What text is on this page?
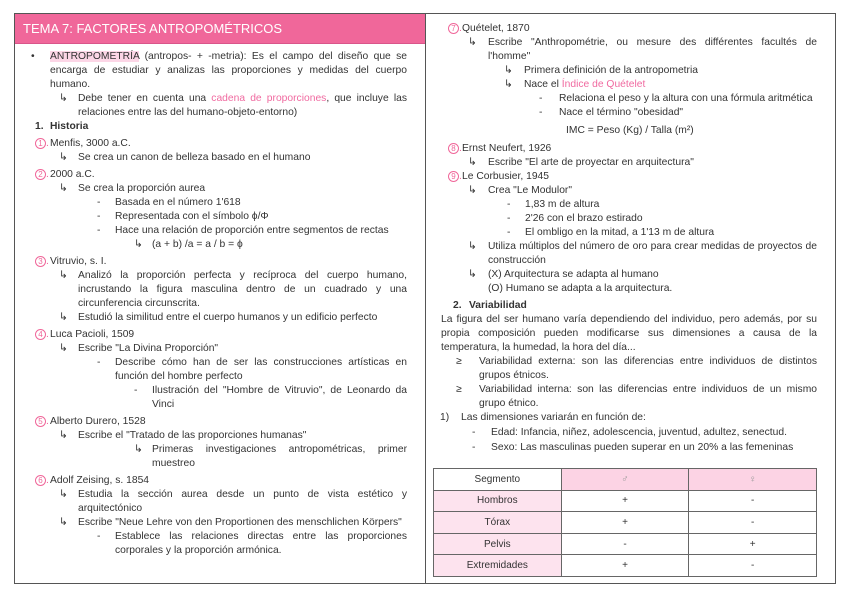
TEMA 7: FACTORES ANTROPOMÉTRICOS
• ANTROPOMETRÍA (antropos- + -metria): Es el campo del diseño que se encarga de estudiar y analizas las proporciones y medidas del cuerpo humano.
↳ Debe tener en cuenta una cadena de proporciones, que incluye las relaciones entre las del humano-objeto-entorno)
1. Historia
1 . Menfis, 3000 a.C.
↳ Se crea un canon de belleza basado en el humano
2 . 2000 a.C.
↳ Se crea la proporción aurea
- Basada en el número 1'618
- Representada con el símbolo ϕ/Φ
- Hace una relación de proporción entre segmentos de rectas
↳ (a + b) /a = a / b = ϕ
3 . Vitruvio, s. I.
↳ Analizó la proporción perfecta y recíproca del cuerpo humano, incrustando la figura masculina dentro de un cuadrado y una circunferencia circunscrita.
↳ Estudió la similitud entre el cuerpo humanos y un edificio perfecto
4 . Luca Pacioli, 1509
↳ Escribe "La Divina Proporción"
- Describe cómo han de ser las construcciones artísticas en función del hombre perfecto
- Ilustración del "Hombre de Vitruvio", de Leonardo da Vinci
5 . Alberto Durero, 1528
↳ Escribe el "Tratado de las proporciones humanas"
↳ Primeras investigaciones antropométricas, primer muestreo
6 . Adolf Zeising, s. 1854
↳ Estudia la sección aurea desde un punto de vista estético y arquitectónico
↳ Escribe "Neue Lehre von den Proportionen des menschlichen Körpers"
- Establece las relaciones directas entre las proporciones corporales y la proporción armónica.
7 . Quételet, 1870
↳ Escribe "Anthropométrie, ou mesure des différentes facultés de l'homme"
↳ Primera definición de la antropometria
↳ Nace el Índice de Quételet
- Relaciona el peso y la altura con una fórmula aritmética
- Nace el término "obesidad"
IMC = Peso (Kg) / Talla (m²)
8 . Ernst Neufert, 1926
↳ Escribe "El arte de proyectar en arquitectura"
9 . Le Corbusier, 1945
↳ Crea "Le Modulor"
- 1,83 m de altura
- 2'26 con el brazo estirado
- El ombligo en la mitad, a 1'13 m de altura
↳ Utiliza múltiplos del número de oro para crear medidas de proyectos de construcción
↳ (X) Arquitectura se adapta al humano
(O) Humano se adapta a la arquitectura.
2. Variabilidad
La figura del ser humano varía dependiendo del individuo, pero además, por su propia composición pueden modificarse sus dimensiones a causa de la temperatura, la humedad, la hora del día...
≥ Variabilidad externa: son las diferencias entre individuos de distintos grupos étnicos.
≥ Variabilidad interna: son las diferencias entre individuos de un mismo grupo étnico.
1) Las dimensiones variarán en función de:
- Edad: Infancia, niñez, adolescencia, juventud, adultez, senectud.
- Sexo: Las masculinas pueden superar en un 20% a las femeninas
Segmento	♂	♀
Hombros	+	-
Tórax	+	-
Pelvis	-	+
Extremidades	+	-
